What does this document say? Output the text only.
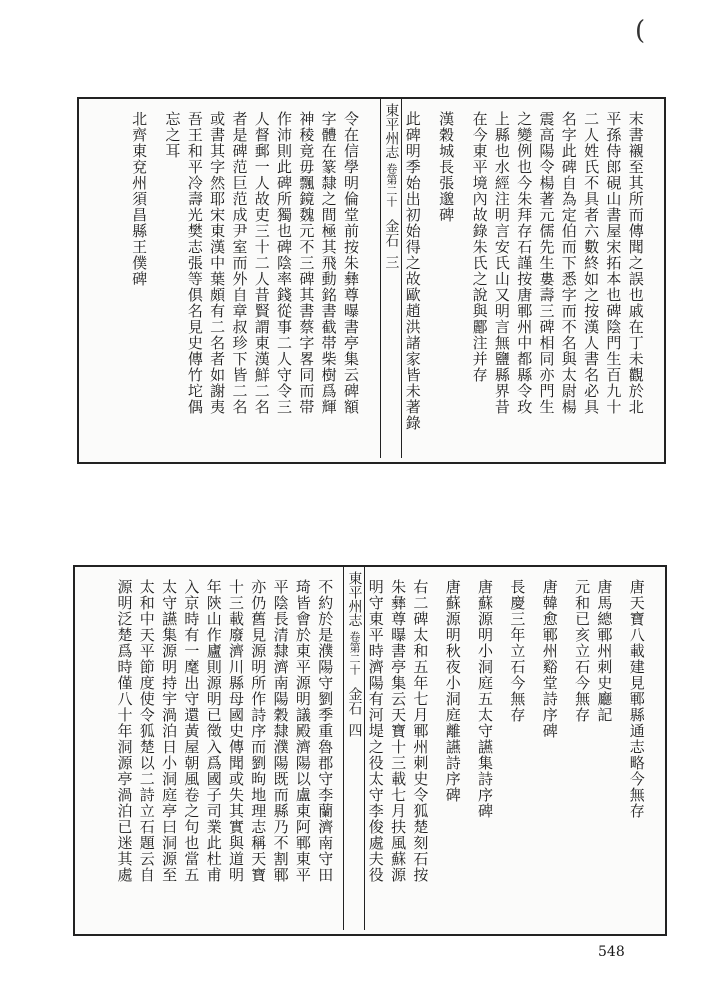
(
末書襯至其所而傳聞之誤也戚在丁未觀於北
平孫侍郎硯山書屋宋拓本也碑陰門生百九十
二人姓氏不具者六數終如之按漢人書名必具
名字此碑自為定伯而下悉字而不名與太尉楊
震高陽令楊著元儒先生婁壽三碑相同亦門生
之變例也今朱拜存石謹按唐鄆州中都縣令玫
上縣也水經注明言安氏山又明言無鹽縣界昔
在今東平境內故錄朱氏之說與酈注并存
漢穀城長張邈碑
此碑明季始出初始得之故歐趙洪諸家皆未著錄
令在信學明倫堂前按朱彝尊曝書亭集云碑額
字體在篆隸之間極其飛動銘書截帯柴樹爲輝
神稜竟毋飄鏡魏元不三碑其書蔡字畧同而帯
作沛則此碑所獨也碑陰率錢從事二人守令三
人督郵一人故吏三十二人昔賢謂東漢鮮二名
者是碑范巨范成尹室而外自章叔珍下皆二名
或書其字然耶宋東漢中葉頗有二名者如謝夷
吾王和平冷壽光樊志張等俱名見史傳竹坨偶
忘之耳
北齊東兗州須昌縣王僕碑	東平州志
卷第二十
金石
三
唐天寶八載建見鄆縣通志略今無存
唐馬總鄆州刺史廳記
元和已亥立石今無存
唐韓愈鄆州谿堂詩序碑
長慶三年立石今無存
唐蘇源明小洞庭五太守讌集詩序碑
唐蘇源明秋夜小洞庭離讌詩序碑
右二碑太和五年七月鄆州刺史令狐楚刻石按
朱彝尊曝書亭集云天寶十三載七月扶風蘇源
明守東平時濟陽有河堤之役太守李俊處夫役
不約於是濮陽守劉季重魯郡守李蘭濟南守田
琦皆會於東平源明議殿濟陽以盧東阿鄆東平
平陰長清隸濟南陽穀隸濮陽既而縣乃不割鄆
亦仍舊見源明所作詩序而劉昫地理志稱天寶
十三載廢濟川縣母國史傳聞或失其實與道明
年陝山作廬則源明已徵入爲國子司業此杜甫
入京時有一麾出守還黃屋朝風卷之句也當五
太守讌集源明持宇渦泊日小洞庭亭曰洞源至
太和中天平節度使令狐楚以二詩立石題云自
源明泛楚爲時僅八十年洞源亭渦泊已迷其處	東平州志
卷第二十
金石
四
548
